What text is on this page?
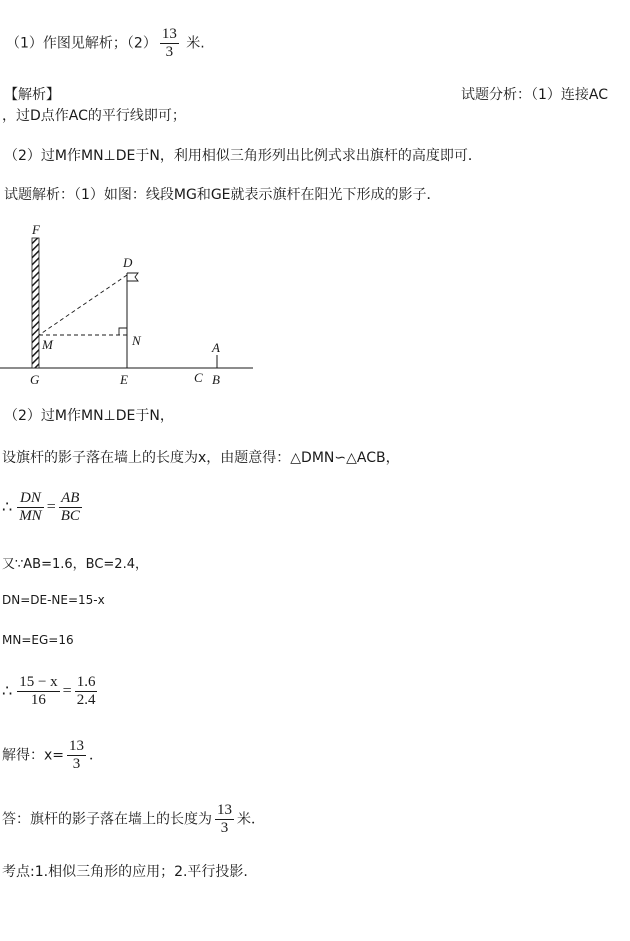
（1）作图见解析；$(2) \frac{13}{3}$ 米.
【解析】	试题分析：（1）连接AC
，过D点作AC的平行线即可；
（2）过M作MN⊥DE于N，利用相似三角形列出比例式求出旗杆的高度即可．
试题解析：（1）如图：线段MG和GE就表示旗杆在阳光下形成的影子．
F
D
N
M	A
G	E	C B
（2）过M作MN⊥DE于N，
设旗杆的影子落在墙上的长度为x，由题意得：△DMN∽△ACB，
∴ $\frac{DN}{MN} = \frac{AB}{BC}$
又∵AB=1.6，BC=2.4，
DN=DE-NE=15-x
MN=EG=16
∴ $\frac{15 - x}{16} = \frac{1.6}{2.4}$
解得：$x= \frac{13}{3}$ ．
答：旗杆的影子落在墙上的长度为 $\frac{13}{3}$ 米．
考点:1.相似三角形的应用；2.平行投影.
